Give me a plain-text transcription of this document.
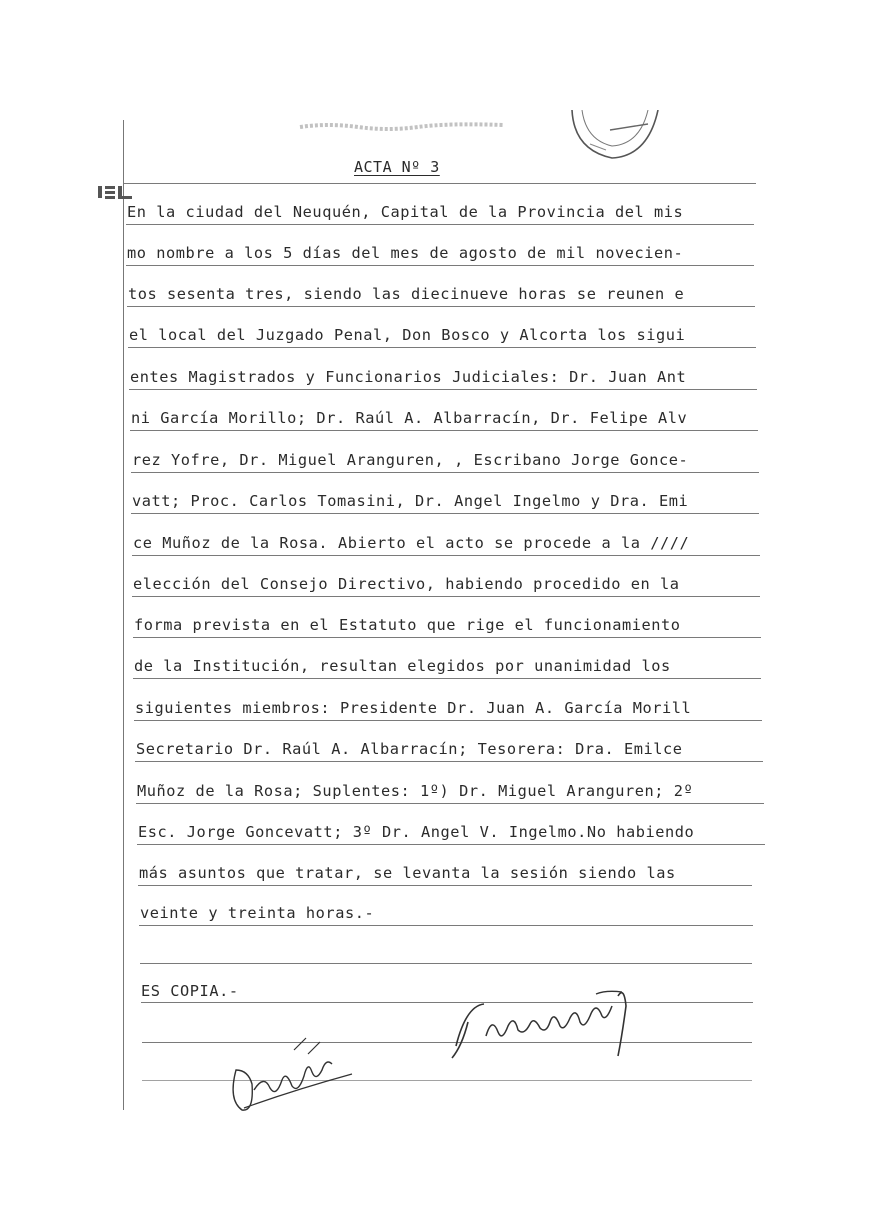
ACTA Nº 3
En la ciudad del Neuquén, Capital de la Provincia del mis
mo nombre a los 5 días del mes de agosto de mil novecien-
tos sesenta tres, siendo las diecinueve horas se reunen e
el local del Juzgado Penal, Don Bosco y Alcorta los sigui
entes Magistrados y Funcionarios Judiciales: Dr. Juan Ant
ni García Morillo; Dr. Raúl A. Albarracín, Dr. Felipe Alv
rez Yofre, Dr. Miguel Aranguren, , Escribano Jorge Gonce-
vatt; Proc. Carlos Tomasini, Dr. Angel Ingelmo y Dra. Emi
ce Muñoz de la Rosa. Abierto el acto se procede a la ////
elección del Consejo Directivo, habiendo procedido en la
forma prevista en el Estatuto que rige el funcionamiento
de la Institución, resultan elegidos por unanimidad los
siguientes miembros: Presidente Dr. Juan A. García Morill
Secretario Dr. Raúl A. Albarracín; Tesorera: Dra. Emilce
Muñoz de la Rosa; Suplentes: 1º) Dr. Miguel Aranguren; 2º
Esc. Jorge Goncevatt; 3º Dr. Angel V. Ingelmo.No habiendo
más asuntos que tratar, se levanta la sesión siendo las
veinte y treinta horas.-

ES COPIA.-
